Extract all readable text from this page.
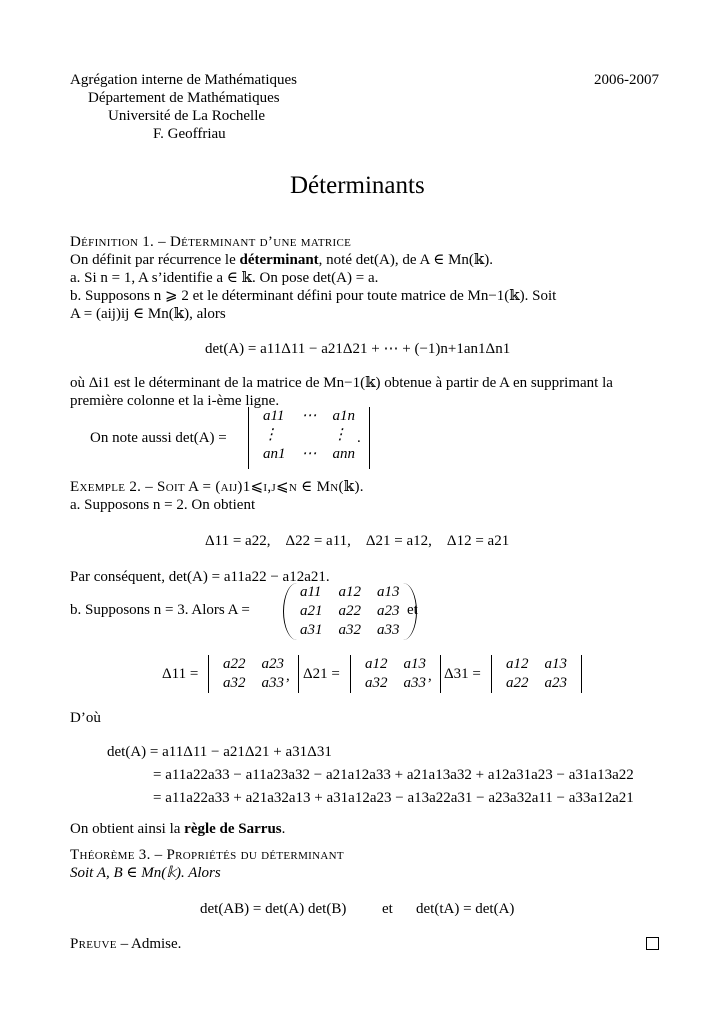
Agrégation interne de Mathématiques
Département de Mathématiques
Université de La Rochelle
F. Geoffriau
2006-2007
Déterminants
Définition 1. – Déterminant d’une matrice
On définit par récurrence le déterminant, noté det(A), de A ∈ Mn(𝕜).
a. Si n = 1, A s’identifie a ∈ 𝕜. On pose det(A) = a.
b. Supposons n ⩾ 2 et le déterminant défini pour toute matrice de Mn−1(𝕜). Soit
A = (aij)ij ∈ Mn(𝕜), alors
det(A) = a11Δ11 − a21Δ21 + ⋯ + (−1)n+1an1Δn1
où Δi1 est le déterminant de la matrice de Mn−1(𝕜) obtenue à partir de A en supprimant la
première colonne et la i-ème ligne.
On note aussi det(A) =
a11	⋯	a1n
⋮		⋮
an1	⋯	ann
.
Exemple 2. – Soit A = (aij)1⩽i,j⩽n ∈ Mn(𝕜).
a. Supposons n = 2. On obtient
Δ11 = a22,    Δ22 = a11,    Δ21 = a12,    Δ12 = a21
Par conséquent, det(A) = a11a22 − a12a21.
b. Supposons n = 3. Alors A =
a11	a12	a13
a21	a22	a23
a31	a32	a33
et
Δ11 =
a22	a23
a32	a33 , Δ21 =
a12	a13
a32	a33 , Δ31 =
a12	a13
a22	a23
D’où
det(A) = a11Δ11 − a21Δ21 + a31Δ31
= a11a22a33 − a11a23a32 − a21a12a33 + a21a13a32 + a12a31a23 − a31a13a22
= a11a22a33 + a21a32a13 + a31a12a23 − a13a22a31 − a23a32a11 − a33a12a21
On obtient ainsi la règle de Sarrus.
Théorème 3. – Propriétés du déterminant
Soit A, B ∈ Mn(𝕜). Alors
det(AB) = det(A) det(B) et det(tA) = det(A)
Preuve – Admise.
